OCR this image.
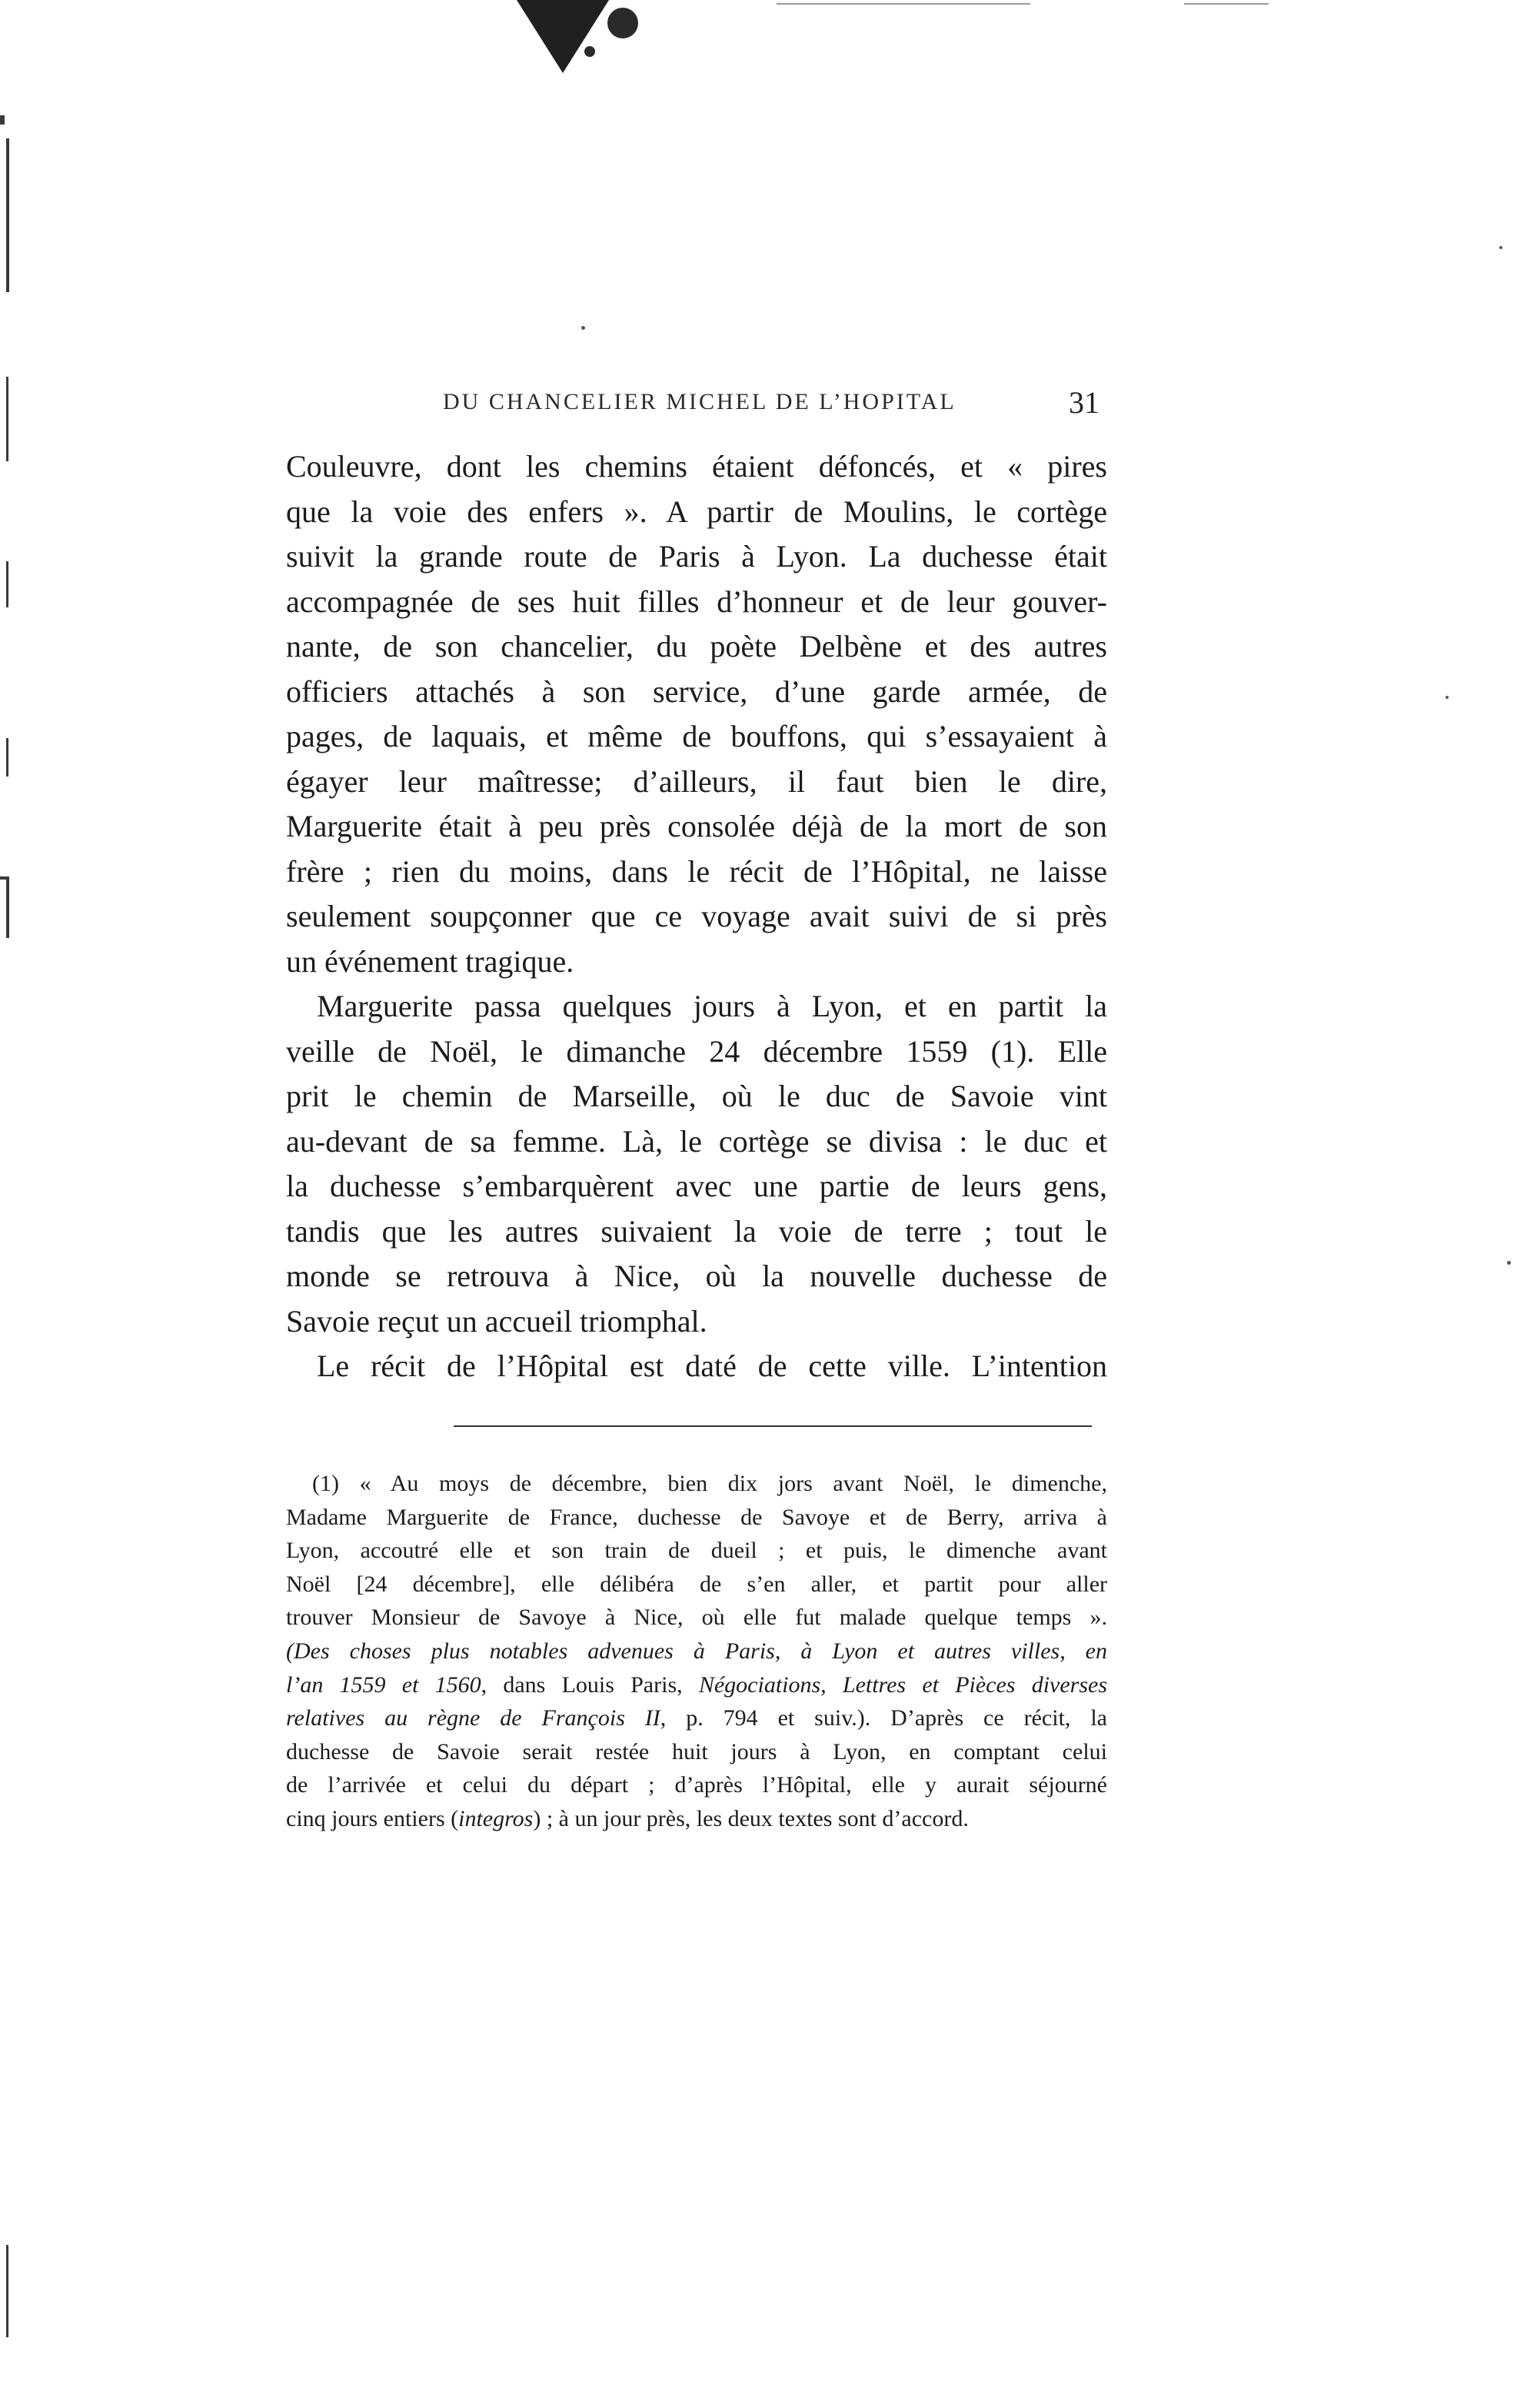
DU CHANCELIER MICHEL DE L’HOPITAL	31
Couleuvre, dont les chemins étaient défoncés, et « pires
que la voie des enfers ». A partir de Moulins, le cortège
suivit la grande route de Paris à Lyon. La duchesse était
accompagnée de ses huit filles d’honneur et de leur gouver-
nante, de son chancelier, du poète Delbène et des autres
officiers attachés à son service, d’une garde armée, de
pages, de laquais, et même de bouffons, qui s’essayaient à
égayer leur maîtresse; d’ailleurs, il faut bien le dire,
Marguerite était à peu près consolée déjà de la mort de son
frère ; rien du moins, dans le récit de l’Hôpital, ne laisse
seulement soupçonner que ce voyage avait suivi de si près
un événement tragique.
Marguerite passa quelques jours à Lyon, et en partit la
veille de Noël, le dimanche 24 décembre 1559 (1). Elle
prit le chemin de Marseille, où le duc de Savoie vint
au-devant de sa femme. Là, le cortège se divisa : le duc et
la duchesse s’embarquèrent avec une partie de leurs gens,
tandis que les autres suivaient la voie de terre ; tout le
monde se retrouva à Nice, où la nouvelle duchesse de
Savoie reçut un accueil triomphal.
Le récit de l’Hôpital est daté de cette ville. L’intention
(1) « Au moys de décembre, bien dix jors avant Noël, le dimenche,
Madame Marguerite de France, duchesse de Savoye et de Berry, arriva à
Lyon, accoutré elle et son train de dueil ; et puis, le dimenche avant
Noël [24 décembre], elle délibéra de s’en aller, et partit pour aller
trouver Monsieur de Savoye à Nice, où elle fut malade quelque temps ».
(Des choses plus notables advenues à Paris, à Lyon et autres villes, en
l’an 1559 et 1560, dans Louis Paris, Négociations, Lettres et Pièces diverses
relatives au règne de François II, p. 794 et suiv.). D’après ce récit, la
duchesse de Savoie serait restée huit jours à Lyon, en comptant celui
de l’arrivée et celui du départ ; d’après l’Hôpital, elle y aurait séjourné
cinq jours entiers (integros) ; à un jour près, les deux textes sont d’accord.
